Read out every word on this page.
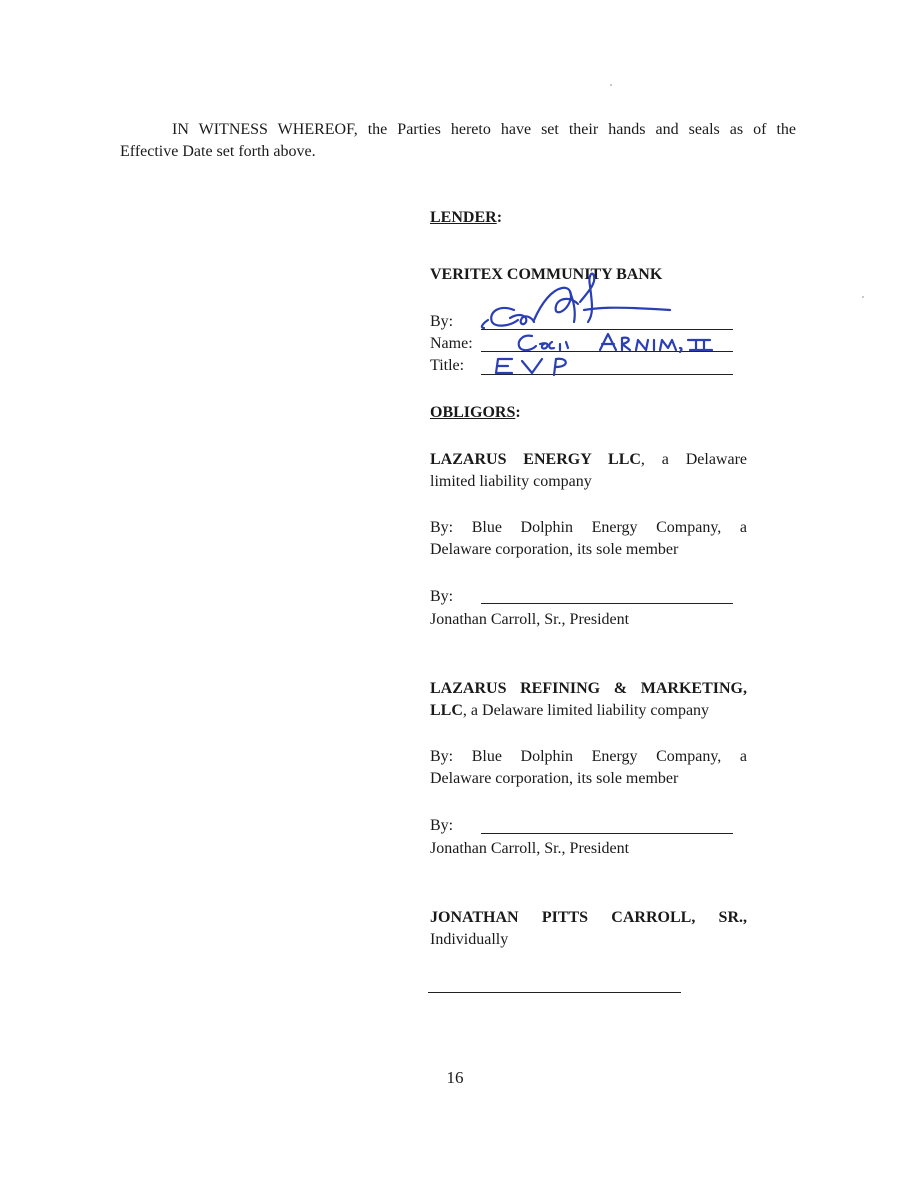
IN WITNESS WHEREOF, the Parties hereto have set their hands and seals as of the
Effective Date set forth above.
LENDER:
VERITEX COMMUNITY BANK
By:
Name:
Title:
OBLIGORS:
LAZARUS ENERGY LLC, a Delaware
limited liability company
By: Blue Dolphin Energy Company, a
Delaware corporation, its sole member
By:
Jonathan Carroll, Sr., President
LAZARUS REFINING & MARKETING,
LLC, a Delaware limited liability company
By: Blue Dolphin Energy Company, a
Delaware corporation, its sole member
By:
Jonathan Carroll, Sr., President
JONATHAN PITTS CARROLL, SR.,
Individually
16
